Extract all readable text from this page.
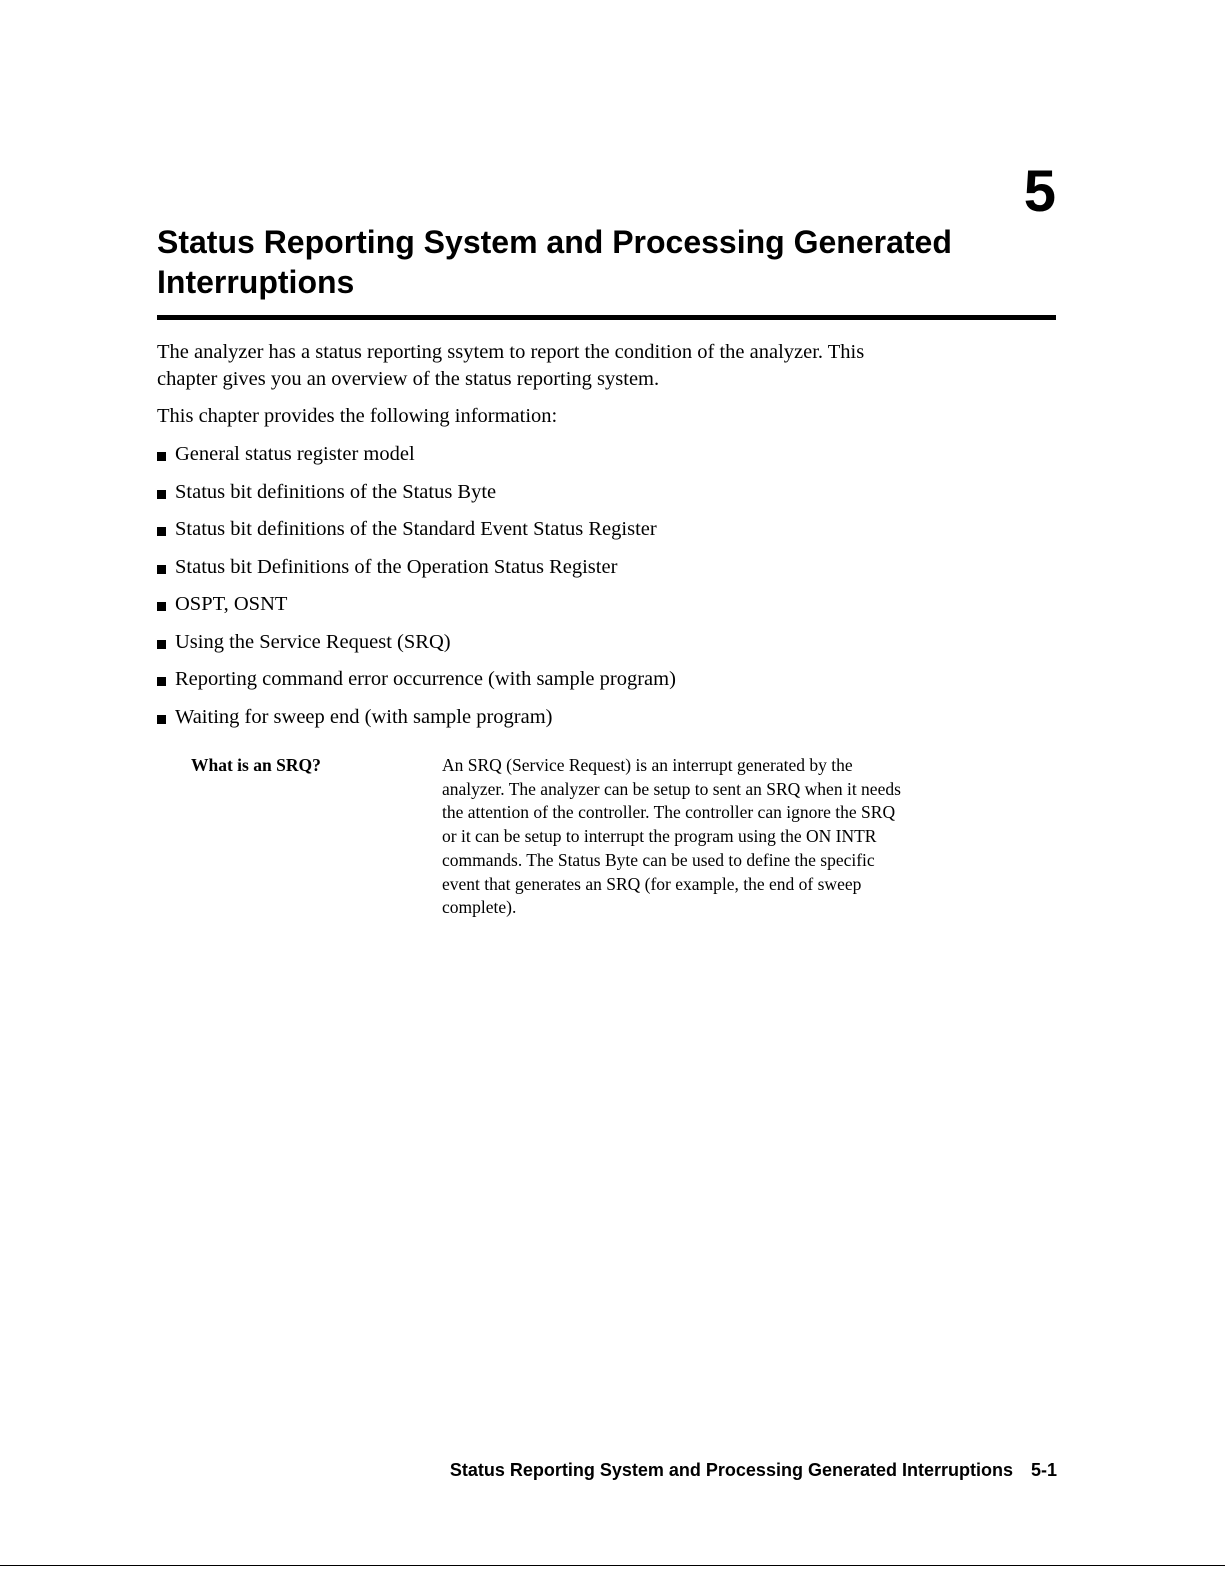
5
Status Reporting System and Processing Generated
Interruptions

The analyzer has a status reporting ssytem to report the condition of the analyzer. This
chapter gives you an overview of the status reporting system.

This chapter provides the following information:

General status register model
Status bit definitions of the Status Byte
Status bit definitions of the Standard Event Status Register
Status bit Definitions of the Operation Status Register
OSPT, OSNT
Using the Service Request (SRQ)
Reporting command error occurrence (with sample program)
Waiting for sweep end (with sample program)

What is an SRQ?	An SRQ (Service Request) is an interrupt generated by the
analyzer. The analyzer can be setup to sent an SRQ when it needs
the attention of the controller. The controller can ignore the SRQ
or it can be setup to interrupt the program using the ON INTR
commands. The Status Byte can be used to define the specific
event that generates an SRQ (for example, the end of sweep
complete).

Status Reporting System and Processing Generated Interruptions 5-1
